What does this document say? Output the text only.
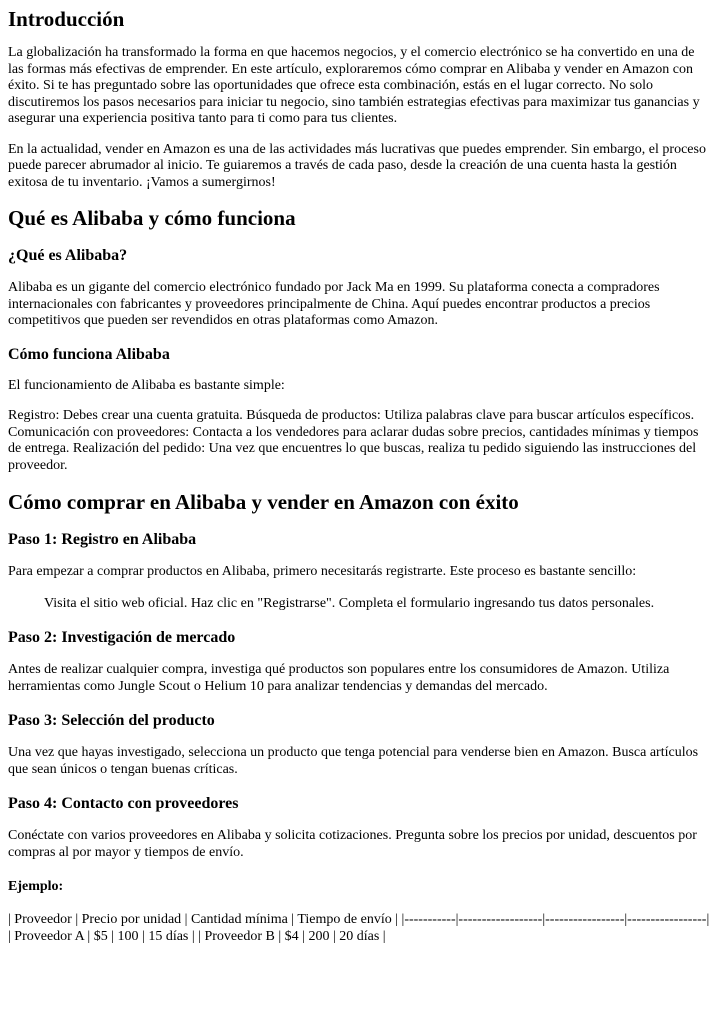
Introducción

La globalización ha transformado la forma en que hacemos negocios, y el comercio electrónico se ha convertido en una de las formas más efectivas de emprender. En este artículo, exploraremos cómo comprar en Alibaba y vender en Amazon con éxito. Si te has preguntado sobre las oportunidades que ofrece esta combinación, estás en el lugar correcto. No solo discutiremos los pasos necesarios para iniciar tu negocio, sino también estrategias efectivas para maximizar tus ganancias y asegurar una experiencia positiva tanto para ti como para tus clientes.

En la actualidad, vender en Amazon es una de las actividades más lucrativas que puedes emprender. Sin embargo, el proceso puede parecer abrumador al inicio. Te guiaremos a través de cada paso, desde la creación de una cuenta hasta la gestión exitosa de tu inventario. ¡Vamos a sumergirnos!

Qué es Alibaba y cómo funciona
¿Qué es Alibaba?

Alibaba es un gigante del comercio electrónico fundado por Jack Ma en 1999. Su plataforma conecta a compradores internacionales con fabricantes y proveedores principalmente de China. Aquí puedes encontrar productos a precios competitivos que pueden ser revendidos en otras plataformas como Amazon.

Cómo funciona Alibaba

El funcionamiento de Alibaba es bastante simple:

Registro: Debes crear una cuenta gratuita. Búsqueda de productos: Utiliza palabras clave para buscar artículos específicos. Comunicación con proveedores: Contacta a los vendedores para aclarar dudas sobre precios, cantidades mínimas y tiempos de entrega. Realización del pedido: Una vez que encuentres lo que buscas, realiza tu pedido siguiendo las instrucciones del proveedor.

Cómo comprar en Alibaba y vender en Amazon con éxito
Paso 1: Registro en Alibaba

Para empezar a comprar productos en Alibaba, primero necesitarás registrarte. Este proceso es bastante sencillo:

Visita el sitio web oficial. Haz clic en "Registrarse". Completa el formulario ingresando tus datos personales.

Paso 2: Investigación de mercado

Antes de realizar cualquier compra, investiga qué productos son populares entre los consumidores de Amazon. Utiliza herramientas como Jungle Scout o Helium 10 para analizar tendencias y demandas del mercado.

Paso 3: Selección del producto

Una vez que hayas investigado, selecciona un producto que tenga potencial para venderse bien en Amazon. Busca artículos que sean únicos o tengan buenas críticas.

Paso 4: Contacto con proveedores

Conéctate con varios proveedores en Alibaba y solicita cotizaciones. Pregunta sobre los precios por unidad, descuentos por compras al por mayor y tiempos de envío.

Ejemplo:

| Proveedor | Precio por unidad | Cantidad mínima | Tiempo de envío | |-----------|------------------|-----------------|-----------------| | Proveedor A | $5 | 100 | 15 días | | Proveedor B | $4 | 200 | 20 días |
